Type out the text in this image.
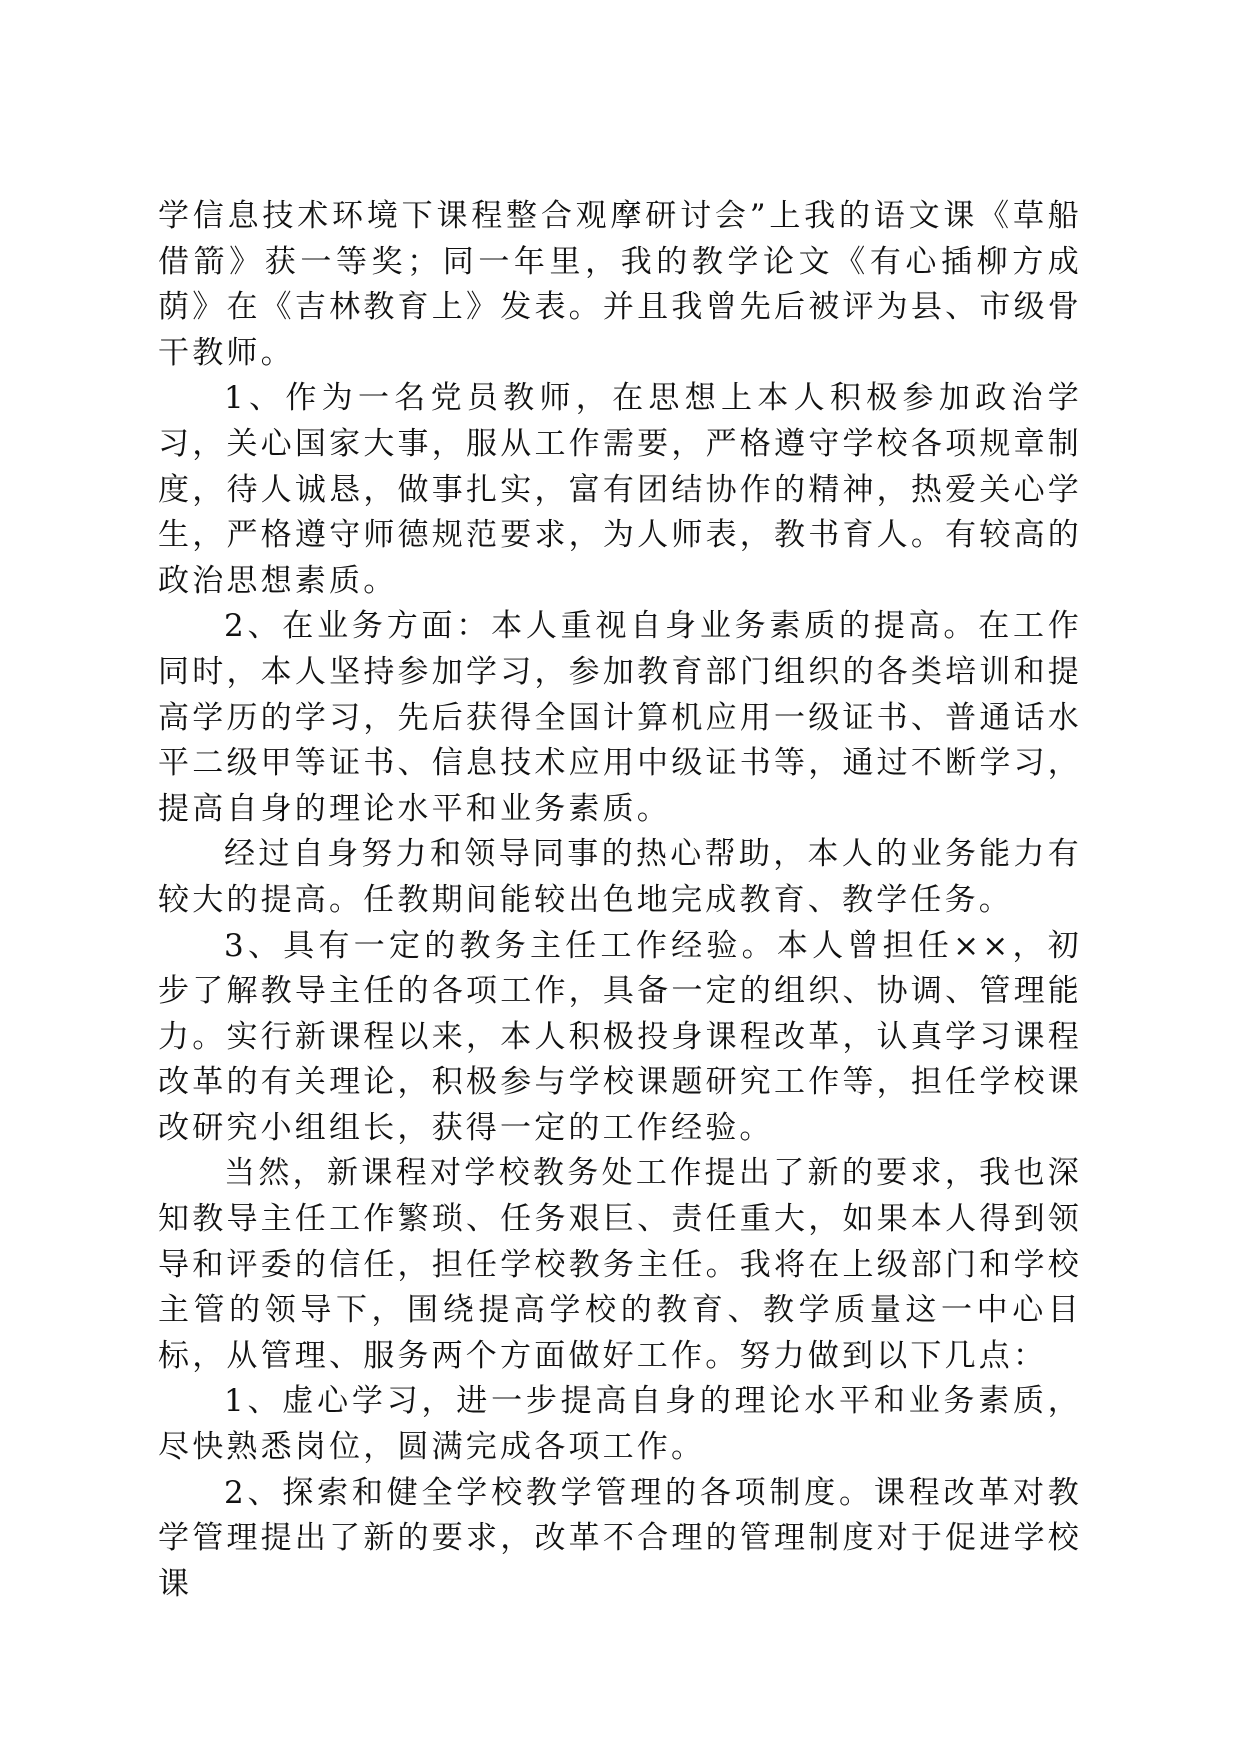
学信息技术环境下课程整合观摩研讨会”上我的语文课《草船借箭》获一等奖；同一年里，我的教学论文《有心插柳方成荫》在《吉林教育上》发表。并且我曾先后被评为县、市级骨干教师。

1、作为一名党员教师，在思想上本人积极参加政治学习，关心国家大事，服从工作需要，严格遵守学校各项规章制度，待人诚恳，做事扎实，富有团结协作的精神，热爱关心学生，严格遵守师德规范要求，为人师表，教书育人。有较高的政治思想素质。

2、在业务方面：本人重视自身业务素质的提高。在工作同时，本人坚持参加学习，参加教育部门组织的各类培训和提高学历的学习，先后获得全国计算机应用一级证书、普通话水平二级甲等证书、信息技术应用中级证书等，通过不断学习，提高自身的理论水平和业务素质。

经过自身努力和领导同事的热心帮助，本人的业务能力有较大的提高。任教期间能较出色地完成教育、教学任务。

3、具有一定的教务主任工作经验。本人曾担任××，初步了解教导主任的各项工作，具备一定的组织、协调、管理能力。实行新课程以来，本人积极投身课程改革，认真学习课程改革的有关理论，积极参与学校课题研究工作等，担任学校课改研究小组组长，获得一定的工作经验。

当然，新课程对学校教务处工作提出了新的要求，我也深知教导主任工作繁琐、任务艰巨、责任重大，如果本人得到领导和评委的信任，担任学校教务主任。我将在上级部门和学校主管的领导下，围绕提高学校的教育、教学质量这一中心目标，从管理、服务两个方面做好工作。努力做到以下几点：

1、虚心学习，进一步提高自身的理论水平和业务素质，尽快熟悉岗位，圆满完成各项工作。

2、探索和健全学校教学管理的各项制度。课程改革对教学管理提出了新的要求，改革不合理的管理制度对于促进学校课
